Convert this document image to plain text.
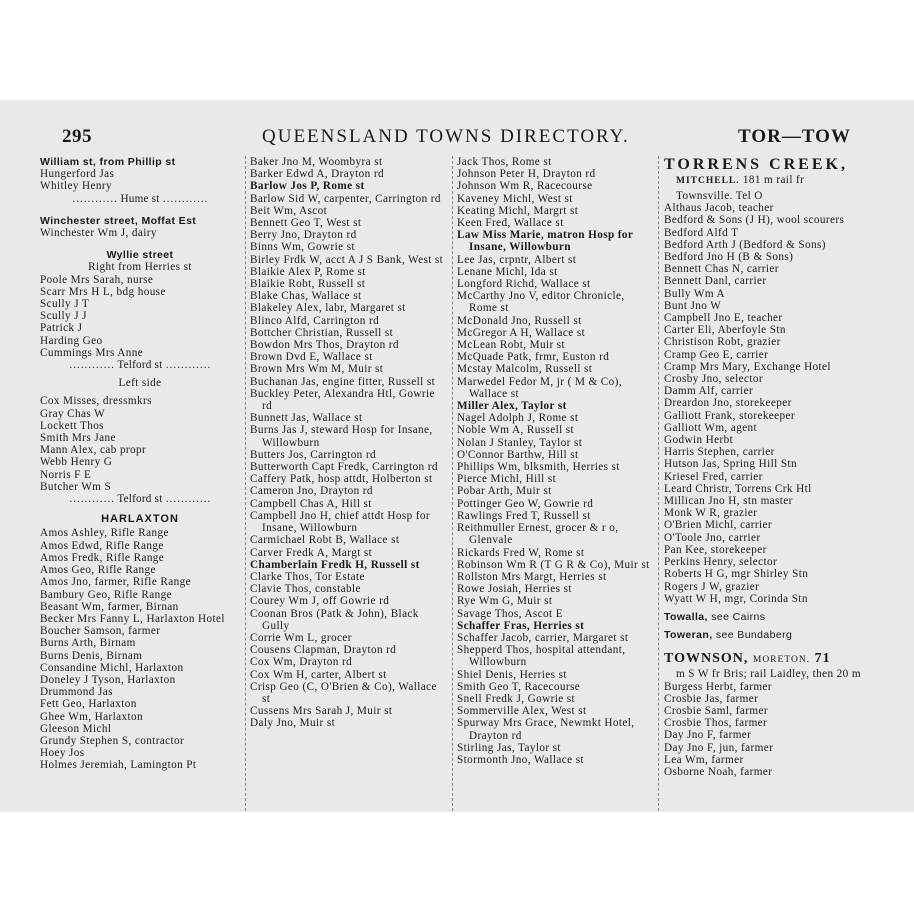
295	QUEENSLAND TOWNS DIRECTORY.	TOR—TOW
William st, from Phillip st
Hungerford Jas
Whitley Henry
………… Hume st …………
Winchester street, Moffat Est
Winchester Wm J, dairy
Wyllie street
Right from Herries st
Poole Mrs Sarah, nurse
Scarr Mrs H L, bdg house
Scully J T
Scully J J
Patrick J
Harding Geo
Cummings Mrs Anne
………… Telford st …………
Left side
Cox Misses, dressmkrs
Gray Chas W
Lockett Thos
Smith Mrs Jane
Mann Alex, cab propr
Webb Henry G
Norris F E
Butcher Wm S
………… Telford st …………
HARLAXTON
Amos Ashley, Rifle Range
Amos Edwd, Rifle Range
Amos Fredk, Rifle Range
Amos Geo, Rifle Range
Amos Jno, farmer, Rifle Range
Bambury Geo, Rifle Range
Beasant Wm, farmer, Birnan
Becker Mrs Fanny L, Harlaxton Hotel
Boucher Samson, farmer
Burns Arth, Birnam
Burns Denis, Birnam
Consandine Michl, Harlaxton
Doneley J Tyson, Harlaxton
Drummond Jas
Fett Geo, Harlaxton
Ghee Wm, Harlaxton
Gleeson Michl
Grundy Stephen S, contractor
Hoey Jos
Holmes Jeremiah, Lamington Pt
Baker Jno M, Woombyra st
Barker Edwd A, Drayton rd
Barlow Jos P, Rome st
Barlow Sid W, carpenter, Carrington rd
Beit Wm, Ascot
Bennett Geo T, West st
Berry Jno, Drayton rd
Binns Wm, Gowrie st
Birley Frdk W, acct A J S Bank, West st
Blaikie Alex P, Rome st
Blaikie Robt, Russell st
Blake Chas, Wallace st
Blakeley Alex, labr, Margaret st
Blinco Alfd, Carrington rd
Bottcher Christian, Russell st
Bowdon Mrs Thos, Drayton rd
Brown Dvd E, Wallace st
Brown Mrs Wm M, Muir st
Buchanan Jas, engine fitter, Russell st
Buckley Peter, Alexandra Htl, Gowrie rd
Bunnett Jas, Wallace st
Burns Jas J, steward Hosp for Insane, Willowburn
Butters Jos, Carrington rd
Butterworth Capt Fredk, Carrington rd
Caffery Patk, hosp attdt, Holberton st
Cameron Jno, Drayton rd
Campbell Chas A, Hill st
Campbell Jno H, chief attdt Hosp for Insane, Willowburn
Carmichael Robt B, Wallace st
Carver Fredk A, Margt st
Chamberlain Fredk H, Russell st
Clarke Thos, Tor Estate
Clavie Thos, constable
Courey Wm J, off Gowrie rd
Coonan Bros (Patk & John), Black Gully
Corrie Wm L, grocer
Cousens Clapman, Drayton rd
Cox Wm, Drayton rd
Cox Wm H, carter, Albert st
Crisp Geo (C, O'Brien & Co), Wallace st
Cussens Mrs Sarah J, Muir st
Daly Jno, Muir st
Jack Thos, Rome st
Johnson Peter H, Drayton rd
Johnson Wm R, Racecourse
Kaveney Michl, West st
Keating Michl, Margrt st
Keen Fred, Wallace st
Law Miss Marie, matron Hosp for Insane, Willowburn
Lee Jas, crpntr, Albert st
Lenane Michl, Ida st
Longford Richd, Wallace st
McCarthy Jno V, editor Chronicle, Rome st
McDonald Jno, Russell st
McGregor A H, Wallace st
McLean Robt, Muir st
McQuade Patk, frmr, Euston rd
Mcstay Malcolm, Russell st
Marwedel Fedor M, jr ( M & Co), Wallace st
Miller Alex, Taylor st
Nagel Adolph J, Rome st
Noble Wm A, Russell st
Nolan J Stanley, Taylor st
O'Connor Barthw, Hill st
Phillips Wm, blksmith, Herries st
Pierce Michl, Hill st
Pobar Arth, Muir st
Pottinger Geo W, Gowrie rd
Rawlings Fred T, Russell st
Reithmuller Ernest, grocer & r o, Glenvale
Rickards Fred W, Rome st
Robinson Wm R (T G R & Co), Muir st
Rollston Mrs Margt, Herries st
Rowe Josiah, Herries st
Rye Wm G, Muir st
Savage Thos, Ascot E
Schaffer Fras, Herries st
Schaffer Jacob, carrier, Margaret st
Shepperd Thos, hospital attendant, Willowburn
Shiel Denis, Herries st
Smith Geo T, Racecourse
Snell Fredk J, Gowrie st
Sommerville Alex, West st
Spurway Mrs Grace, Newmkt Hotel, Drayton rd
Stirling Jas, Taylor st
Stormonth Jno, Wallace st
TORRENS CREEK,
MITCHELL. 181 m rail fr Townsville. Tel O
Althaus Jacob, teacher
Bedford & Sons (J H), wool scourers
Bedford Alfd T
Bedford Arth J (Bedford & Sons)
Bedford Jno H (B & Sons)
Bennett Chas N, carrier
Bennett Danl, carrier
Bully Wm A
Bunt Jno W
Campbell Jno E, teacher
Carter Eli, Aberfoyle Stn
Christison Robt, grazier
Cramp Geo E, carrier
Cramp Mrs Mary, Exchange Hotel
Crosby Jno, selector
Damm Alf, carrier
Dreardon Jno, storekeeper
Galliott Frank, storekeeper
Galliott Wm, agent
Godwin Herbt
Harris Stephen, carrier
Hutson Jas, Spring Hill Stn
Kriesel Fred, carrier
Leard Christr, Torrens Crk Htl
Millican Jno H, stn master
Monk W R, grazier
O'Brien Michl, carrier
O'Toole Jno, carrier
Pan Kee, storekeeper
Perkins Henry, selector
Roberts H G, mgr Shirley Stn
Rogers J W, grazier
Wyatt W H, mgr, Corinda Stn
Towalla, see Cairns
Toweran, see Bundaberg
TOWNSON, MORETON. 71
m S W fr Bris; rail Laidley, then 20 m
Burgess Herbt, farmer
Crosbie Jas, farmer
Crosbie Saml, farmer
Crosbie Thos, farmer
Day Jno F, farmer
Day Jno F, jun, farmer
Lea Wm, farmer
Osborne Noah, farmer
